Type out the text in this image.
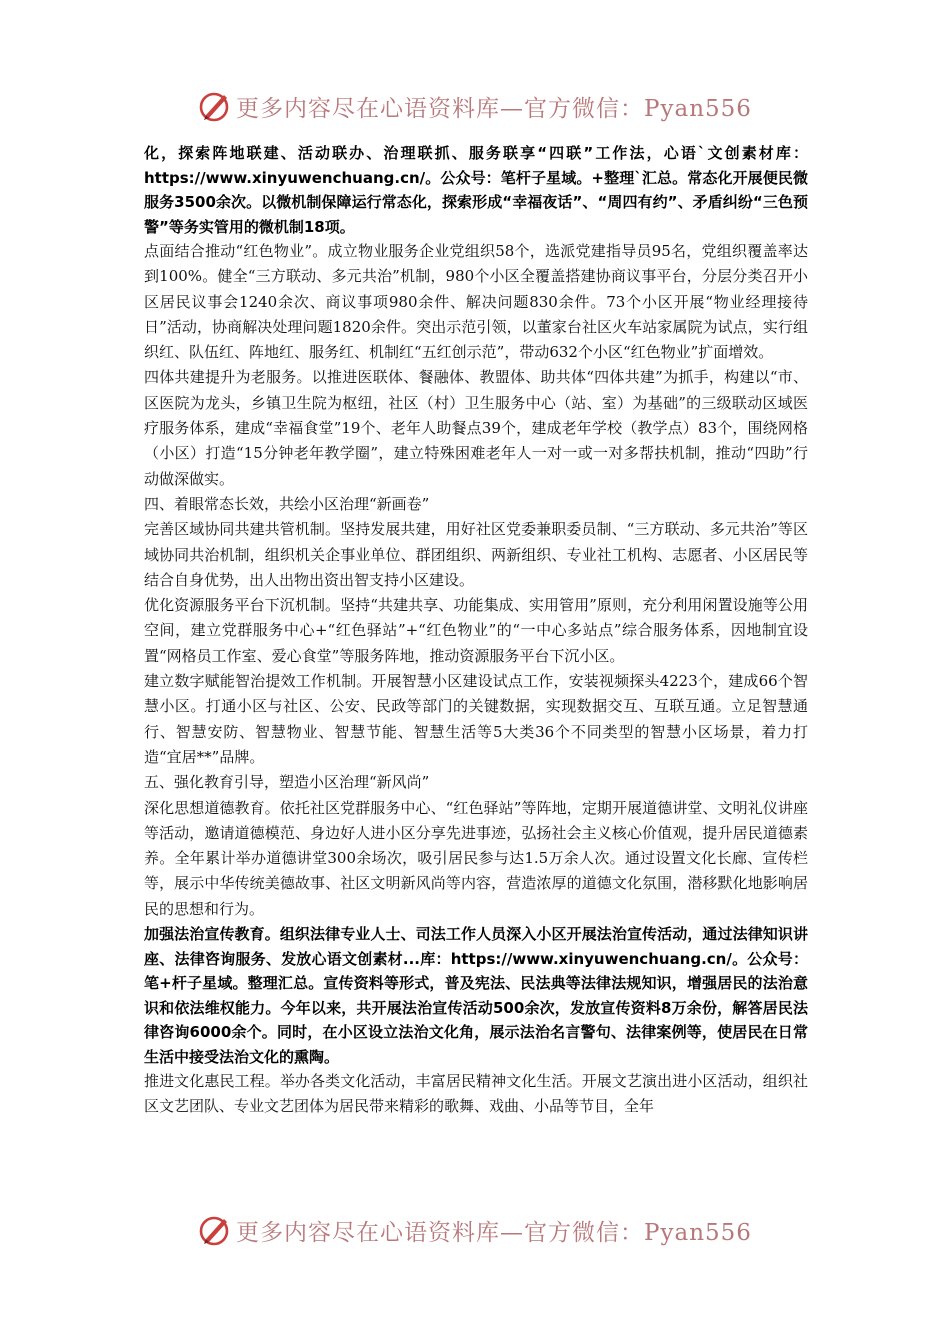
更多内容尽在心语资料库—官方微信：Pyan556

化，探索阵地联建、活动联办、治理联抓、服务联享“四联”工作法，心语`文创素材库：https://www.xinyuwenchuang.cn/。公众号：笔杆子星域。+整理`汇总。常态化开展便民微服务3500余次。以微机制保障运行常态化，探索形成“幸福夜话”、“周四有约”、矛盾纠纷“三色预警”等务实管用的微机制18项。

点面结合推动“红色物业”。成立物业服务企业党组织58个，选派党建指导员95名，党组织覆盖率达到100%。健全“三方联动、多元共治”机制，980个小区全覆盖搭建协商议事平台，分层分类召开小区居民议事会1240余次、商议事项980余件、解决问题830余件。73个小区开展“物业经理接待日”活动，协商解决处理问题1820余件。突出示范引领，以董家台社区火车站家属院为试点，实行组织红、队伍红、阵地红、服务红、机制红“五红创示范”，带动632个小区“红色物业”扩面增效。

四体共建提升为老服务。以推进医联体、餐融体、教盟体、助共体“四体共建”为抓手，构建以“市、区医院为龙头，乡镇卫生院为枢纽，社区（村）卫生服务中心（站、室）为基础”的三级联动区域医疗服务体系，建成“幸福食堂”19个、老年人助餐点39个，建成老年学校（教学点）83个，围绕网格（小区）打造“15分钟老年教学圈”，建立特殊困难老年人一对一或一对多帮扶机制，推动“四助”行动做深做实。

四、着眼常态长效，共绘小区治理“新画卷”

完善区域协同共建共管机制。坚持发展共建，用好社区党委兼职委员制、“三方联动、多元共治”等区域协同共治机制，组织机关企事业单位、群团组织、两新组织、专业社工机构、志愿者、小区居民等结合自身优势，出人出物出资出智支持小区建设。

优化资源服务平台下沉机制。坚持“共建共享、功能集成、实用管用”原则，充分利用闲置设施等公用空间，建立党群服务中心+“红色驿站”+“红色物业”的“一中心多站点”综合服务体系，因地制宜设置“网格员工作室、爱心食堂”等服务阵地，推动资源服务平台下沉小区。

建立数字赋能智治提效工作机制。开展智慧小区建设试点工作，安装视频探头4223个，建成66个智慧小区。打通小区与社区、公安、民政等部门的关键数据，实现数据交互、互联互通。立足智慧通行、智慧安防、智慧物业、智慧节能、智慧生活等5大类36个不同类型的智慧小区场景，着力打造“宜居**”品牌。

五、强化教育引导，塑造小区治理“新风尚”

深化思想道德教育。依托社区党群服务中心、“红色驿站”等阵地，定期开展道德讲堂、文明礼仪讲座等活动，邀请道德模范、身边好人进小区分享先进事迹，弘扬社会主义核心价值观，提升居民道德素养。全年累计举办道德讲堂300余场次，吸引居民参与达1.5万余人次。通过设置文化长廊、宣传栏等，展示中华传统美德故事、社区文明新风尚等内容，营造浓厚的道德文化氛围，潜移默化地影响居民的思想和行为。

加强法治宣传教育。组织法律专业人士、司法工作人员深入小区开展法治宣传活动，通过法律知识讲座、法律咨询服务、发放心语文创素材...库：https://www.xinyuwenchuang.cn/。公众号：笔+杆子星域。整理汇总。宣传资料等形式，普及宪法、民法典等法律法规知识，增强居民的法治意识和依法维权能力。今年以来，共开展法治宣传活动500余次，发放宣传资料8万余份，解答居民法律咨询6000余个。同时，在小区设立法治文化角，展示法治名言警句、法律案例等，使居民在日常生活中接受法治文化的熏陶。

推进文化惠民工程。举办各类文化活动，丰富居民精神文化生活。开展文艺演出进小区活动，组织社区文艺团队、专业文艺团体为居民带来精彩的歌舞、戏曲、小品等节目，全年

更多内容尽在心语资料库—官方微信：Pyan556
